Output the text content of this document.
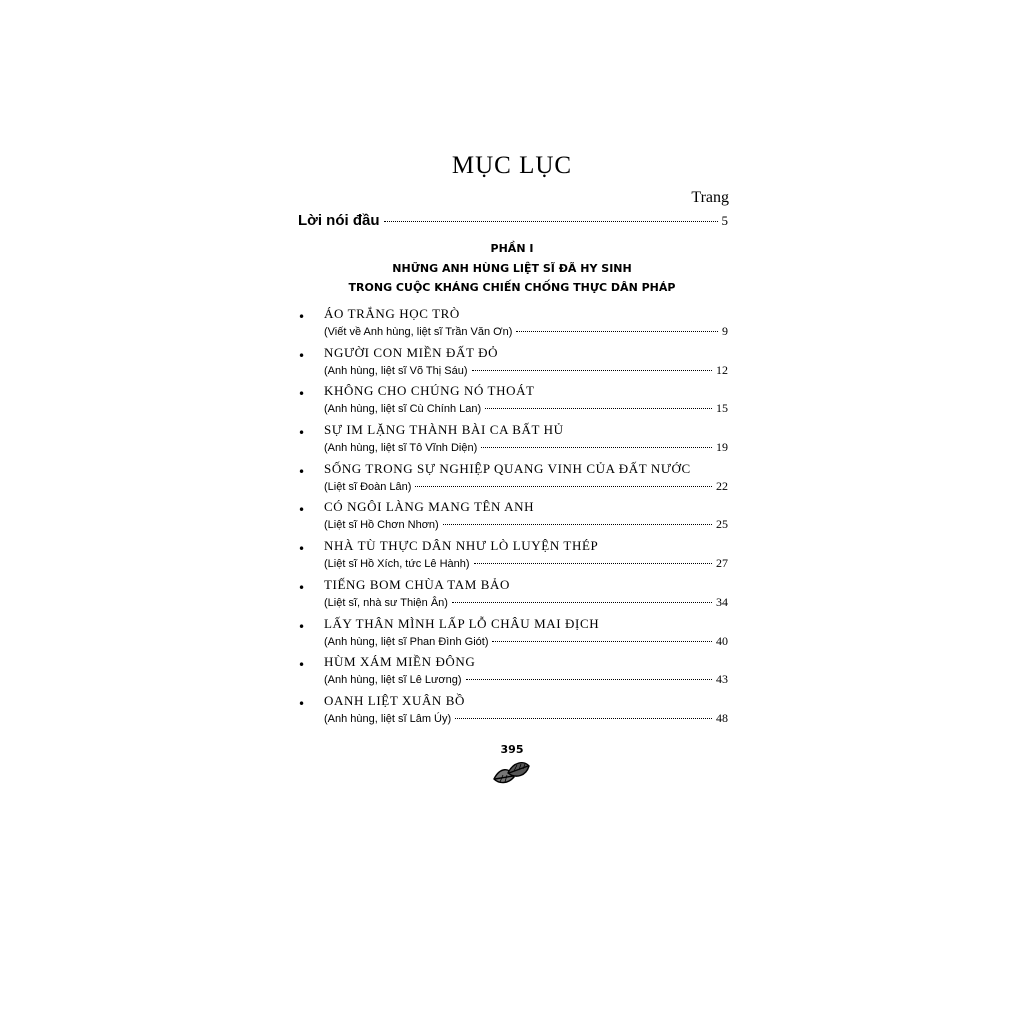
MỤC LỤC
Trang
Lời nói đầu	5
PHẦN I
NHỮNG ANH HÙNG LIỆT SĨ ĐÃ HY SINH
TRONG CUỘC KHÁNG CHIẾN CHỐNG THỰC DÂN PHÁP
• ÁO TRẮNG HỌC TRÒ
(Viết về Anh hùng, liệt sĩ Trần Văn Ơn)	9
• NGƯỜI CON MIỀN ĐẤT ĐỎ
(Anh hùng, liệt sĩ Võ Thị Sáu)	12
• KHÔNG CHO CHÚNG NÓ THOÁT
(Anh hùng, liệt sĩ Cù Chính Lan)	15
• SỰ IM LẶNG THÀNH BÀI CA BẤT HỦ
(Anh hùng, liệt sĩ Tô Vĩnh Diện)	19
• SỐNG TRONG SỰ NGHIỆP QUANG VINH CỦA ĐẤT NƯỚC
(Liệt sĩ Đoàn Lân)	22
• CÓ NGÔI LÀNG MANG TÊN ANH
(Liệt sĩ Hồ Chơn Nhơn)	25
• NHÀ TÙ THỰC DÂN NHƯ LÒ LUYỆN THÉP
(Liệt sĩ Hồ Xích, tức Lê Hành)	27
• TIẾNG BOM CHÙA TAM BẢO
(Liệt sĩ, nhà sư Thiện Ân)	34
• LẤY THÂN MÌNH LẤP LỖ CHÂU MAI ĐỊCH
(Anh hùng, liệt sĩ Phan Đình Giót)	40
• HÙM XÁM MIỀN ĐÔNG
(Anh hùng, liệt sĩ Lê Lương)	43
• OANH LIỆT XUÂN BỒ
(Anh hùng, liệt sĩ Lâm Úy)	48
395
